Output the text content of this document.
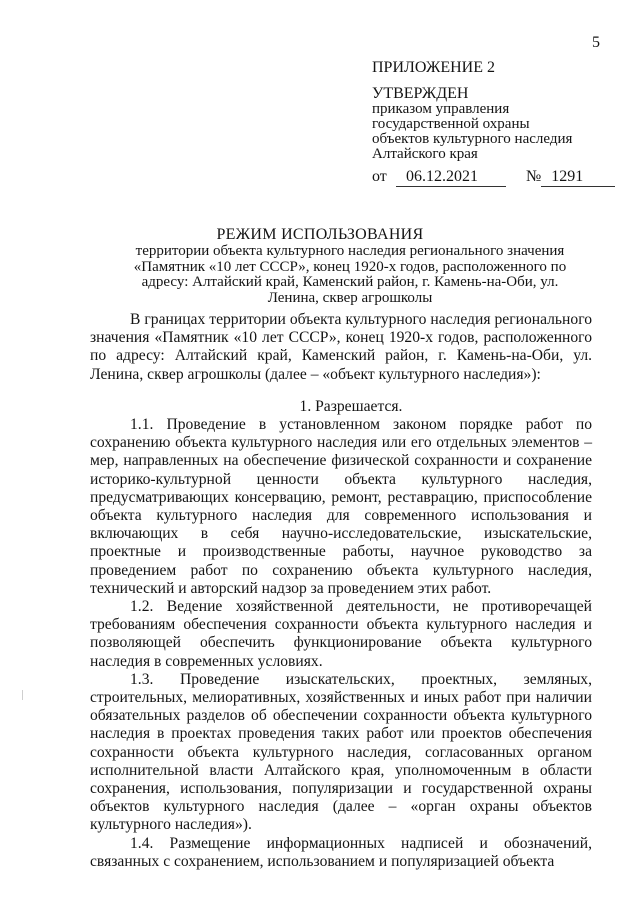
5
ПРИЛОЖЕНИЕ 2
УТВЕРЖДЕН
приказом управления
государственной охраны
объектов культурного наследия
Алтайского края
от 06.12.2021	№ 1291
РЕЖИМ ИСПОЛЬЗОВАНИЯ
территории объекта культурного наследия регионального значения «Памятник «10 лет СССР», конец 1920-х годов, расположенного по адресу: Алтайский край, Каменский район, г. Камень-на-Оби, ул. Ленина, сквер агрошколы
В границах территории объекта культурного наследия регионального значения «Памятник «10 лет СССР», конец 1920-х годов, расположенного по адресу: Алтайский край, Каменский район, г. Камень-на-Оби, ул. Ленина, сквер агрошколы (далее – «объект культурного наследия»):
1. Разрешается.
1.1. Проведение в установленном законом порядке работ по сохранению объекта культурного наследия или его отдельных элементов – мер, направленных на обеспечение физической сохранности и сохранение историко-культурной ценности объекта культурного наследия, предусматривающих консервацию, ремонт, реставрацию, приспособление объекта культурного наследия для современного использования и включающих в себя научно-исследовательские, изыскательские, проектные и производственные работы, научное руководство за проведением работ по сохранению объекта культурного наследия, технический и авторский надзор за проведением этих работ.
1.2. Ведение хозяйственной деятельности, не противоречащей требованиям обеспечения сохранности объекта культурного наследия и позволяющей обеспечить функционирование объекта культурного наследия в современных условиях.
1.3. Проведение изыскательских, проектных, земляных, строительных, мелиоративных, хозяйственных и иных работ при наличии обязательных разделов об обеспечении сохранности объекта культурного наследия в проектах проведения таких работ или проектов обеспечения сохранности объекта культурного наследия, согласованных органом исполнительной власти Алтайского края, уполномоченным в области сохранения, использования, популяризации и государственной охраны объектов культурного наследия (далее – «орган охраны объектов культурного наследия»).
1.4. Размещение информационных надписей и обозначений, связанных с сохранением, использованием и популяризацией объекта
